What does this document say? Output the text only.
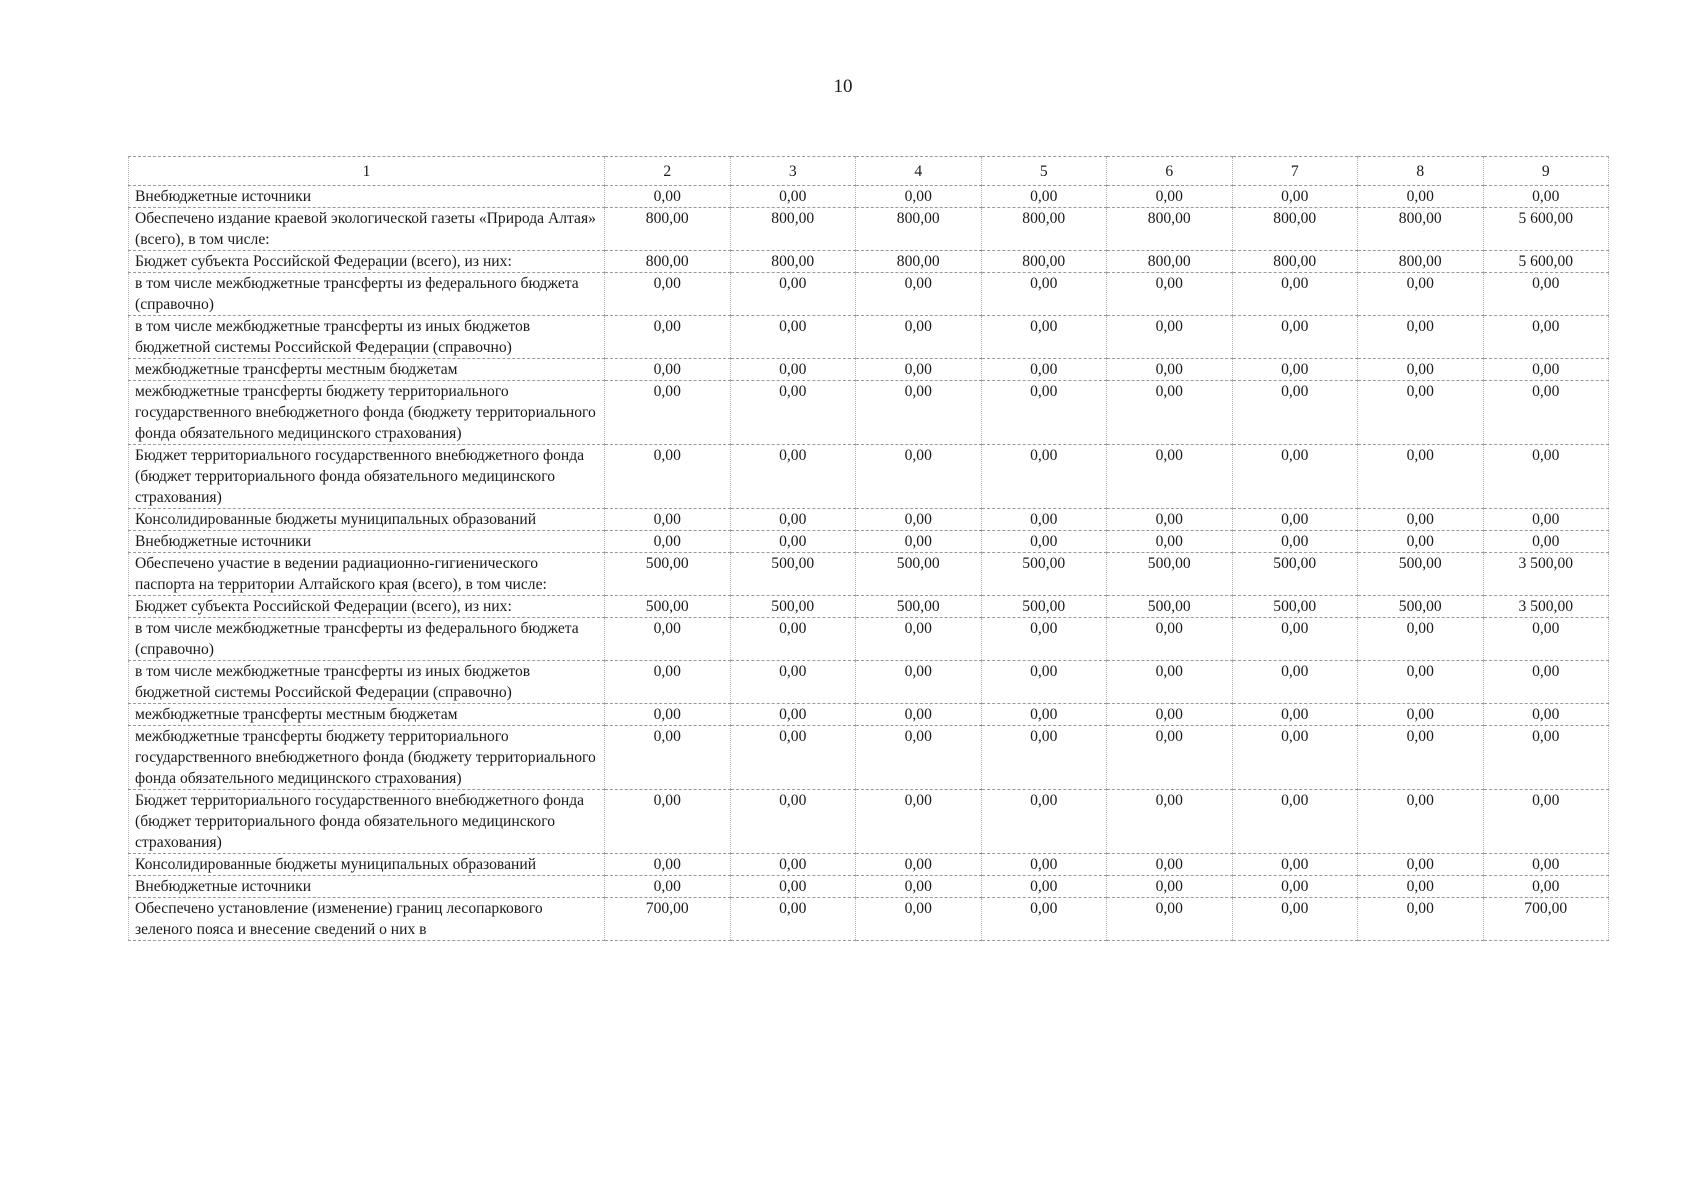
10
1	2	3	4	5	6	7	8	9
Внебюджетные источники	0,00	0,00	0,00	0,00	0,00	0,00	0,00	0,00
Обеспечено издание краевой экологической газеты «Природа Алтая» (всего), в том числе:	800,00	800,00	800,00	800,00	800,00	800,00	800,00	5 600,00
Бюджет субъекта Российской Федерации (всего), из них:	800,00	800,00	800,00	800,00	800,00	800,00	800,00	5 600,00
в том числе межбюджетные трансферты из федерального бюджета (справочно)	0,00	0,00	0,00	0,00	0,00	0,00	0,00	0,00
в том числе межбюджетные трансферты из иных бюджетов бюджетной системы Российской Федерации (справочно)	0,00	0,00	0,00	0,00	0,00	0,00	0,00	0,00
межбюджетные трансферты местным бюджетам	0,00	0,00	0,00	0,00	0,00	0,00	0,00	0,00
межбюджетные трансферты бюджету территориального государственного внебюджетного фонда (бюджету территориального фонда обязательного медицинского страхования)	0,00	0,00	0,00	0,00	0,00	0,00	0,00	0,00
Бюджет территориального государственного внебюджетного фонда (бюджет территориального фонда обязательного медицинского страхования)	0,00	0,00	0,00	0,00	0,00	0,00	0,00	0,00
Консолидированные бюджеты муниципальных образований	0,00	0,00	0,00	0,00	0,00	0,00	0,00	0,00
Внебюджетные источники	0,00	0,00	0,00	0,00	0,00	0,00	0,00	0,00
Обеспечено участие в ведении радиационно-гигиенического паспорта на территории Алтайского края (всего), в том числе:	500,00	500,00	500,00	500,00	500,00	500,00	500,00	3 500,00
Бюджет субъекта Российской Федерации (всего), из них:	500,00	500,00	500,00	500,00	500,00	500,00	500,00	3 500,00
в том числе межбюджетные трансферты из федерального бюджета (справочно)	0,00	0,00	0,00	0,00	0,00	0,00	0,00	0,00
в том числе межбюджетные трансферты из иных бюджетов бюджетной системы Российской Федерации (справочно)	0,00	0,00	0,00	0,00	0,00	0,00	0,00	0,00
межбюджетные трансферты местным бюджетам	0,00	0,00	0,00	0,00	0,00	0,00	0,00	0,00
межбюджетные трансферты бюджету территориального государственного внебюджетного фонда (бюджету территориального фонда обязательного медицинского страхования)	0,00	0,00	0,00	0,00	0,00	0,00	0,00	0,00
Бюджет территориального государственного внебюджетного фонда (бюджет территориального фонда обязательного медицинского страхования)	0,00	0,00	0,00	0,00	0,00	0,00	0,00	0,00
Консолидированные бюджеты муниципальных образований	0,00	0,00	0,00	0,00	0,00	0,00	0,00	0,00
Внебюджетные источники	0,00	0,00	0,00	0,00	0,00	0,00	0,00	0,00
Обеспечено установление (изменение) границ лесопаркового зеленого пояса и внесение сведений о них в	700,00	0,00	0,00	0,00	0,00	0,00	0,00	700,00
